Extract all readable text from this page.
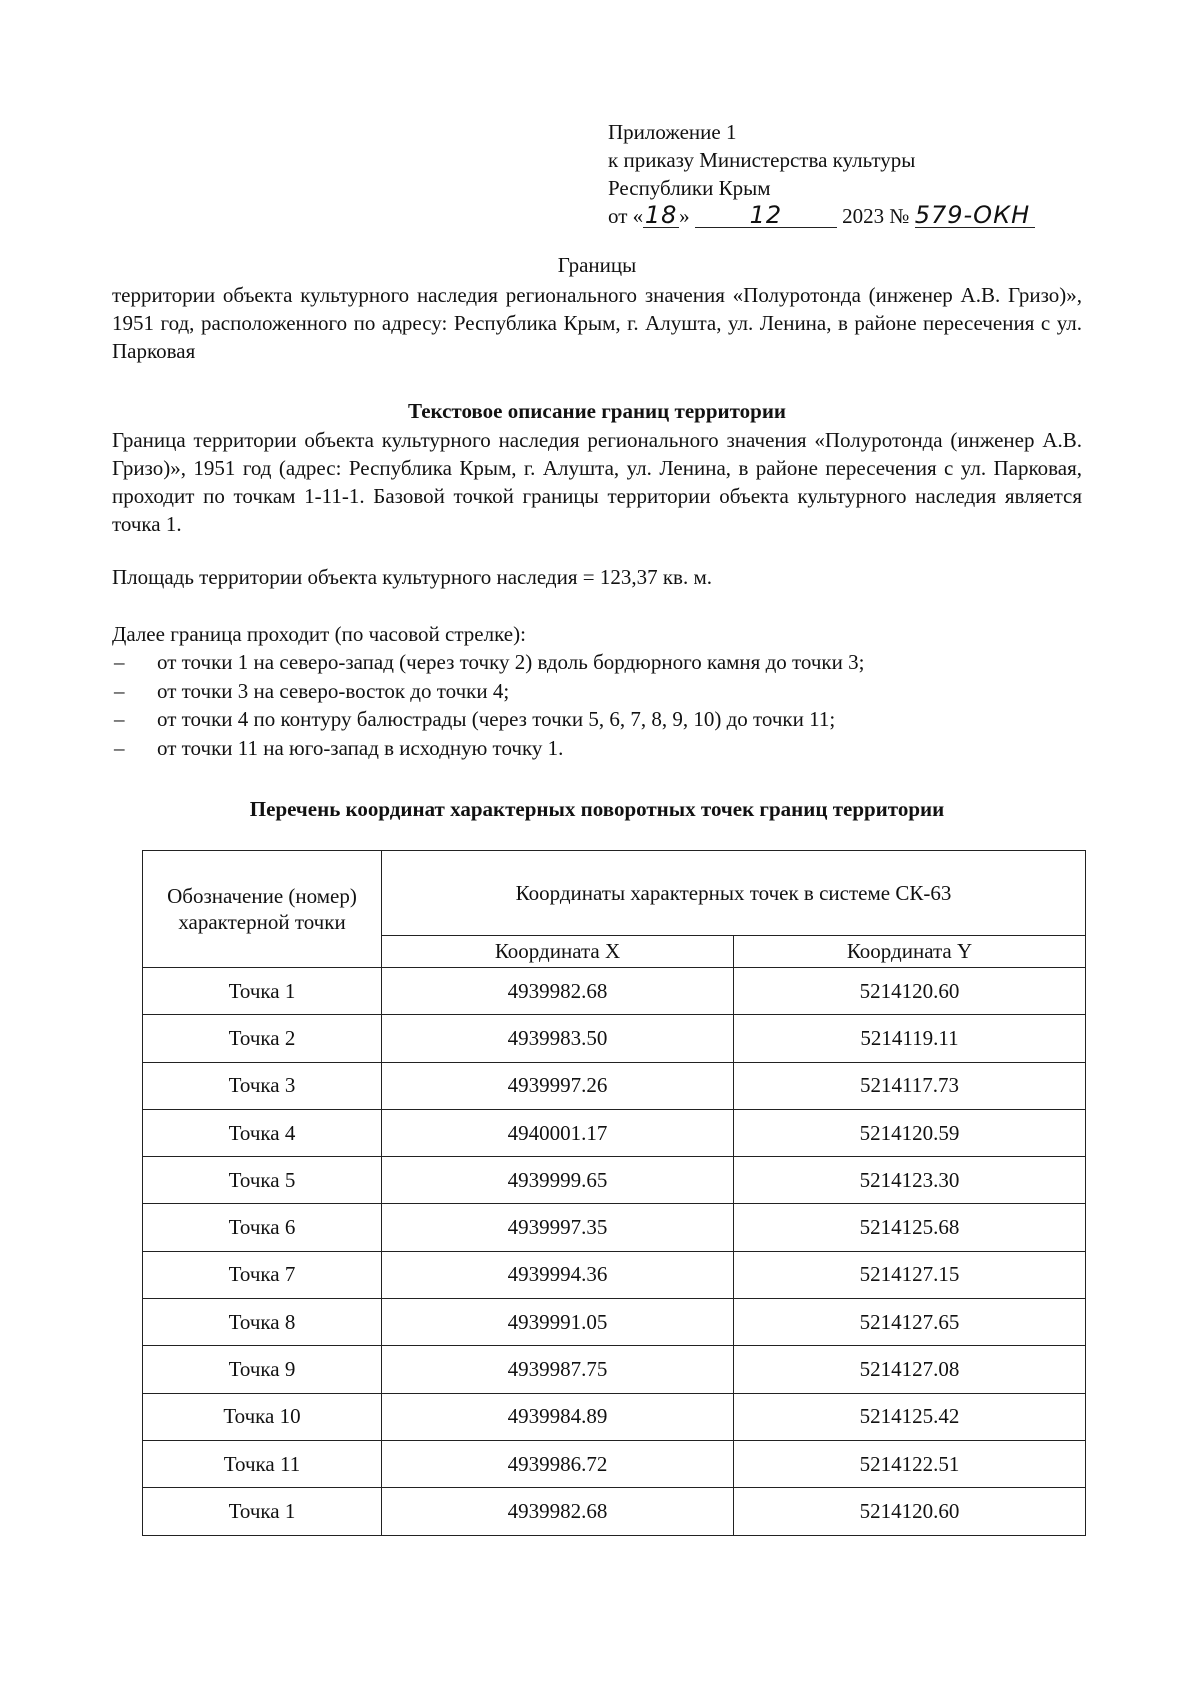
Приложение 1
к приказу Министерства культуры
Республики Крым
от «18» 12	2023 № 579-ОКН
Границы
территории объекта культурного наследия регионального значения «Полуротонда (инженер А.В. Гризо)», 1951 год, расположенного по адресу: Республика Крым, г. Алушта, ул. Ленина, в районе пересечения с ул. Парковая
Текстовое описание границ территории
Граница территории объекта культурного наследия регионального значения «Полуротонда (инженер А.В. Гризо)», 1951 год (адрес: Республика Крым, г. Алушта, ул. Ленина, в районе пересечения с ул. Парковая, проходит по точкам 1-11-1. Базовой точкой границы территории объекта культурного наследия является точка 1.
Площадь территории объекта культурного наследия = 123,37 кв. м.
Далее граница проходит (по часовой стрелке):
– от точки 1 на северо-запад (через точку 2) вдоль бордюрного камня до точки 3;
– от точки 3 на северо-восток до точки 4;
– от точки 4 по контуру балюстрады (через точки 5, 6, 7, 8, 9, 10) до точки 11;
– от точки 11 на юго-запад в исходную точку 1.
Перечень координат характерных поворотных точек границ территории
Обозначение (номер) характерной точки	Координаты характерных точек в системе СК-63	
	Координата X	Координата Y
Точка 1	4939982.68	5214120.60
Точка 2	4939983.50	5214119.11
Точка 3	4939997.26	5214117.73
Точка 4	4940001.17	5214120.59
Точка 5	4939999.65	5214123.30
Точка 6	4939997.35	5214125.68
Точка 7	4939994.36	5214127.15
Точка 8	4939991.05	5214127.65
Точка 9	4939987.75	5214127.08
Точка 10	4939984.89	5214125.42
Точка 11	4939986.72	5214122.51
Точка 1	4939982.68	5214120.60
